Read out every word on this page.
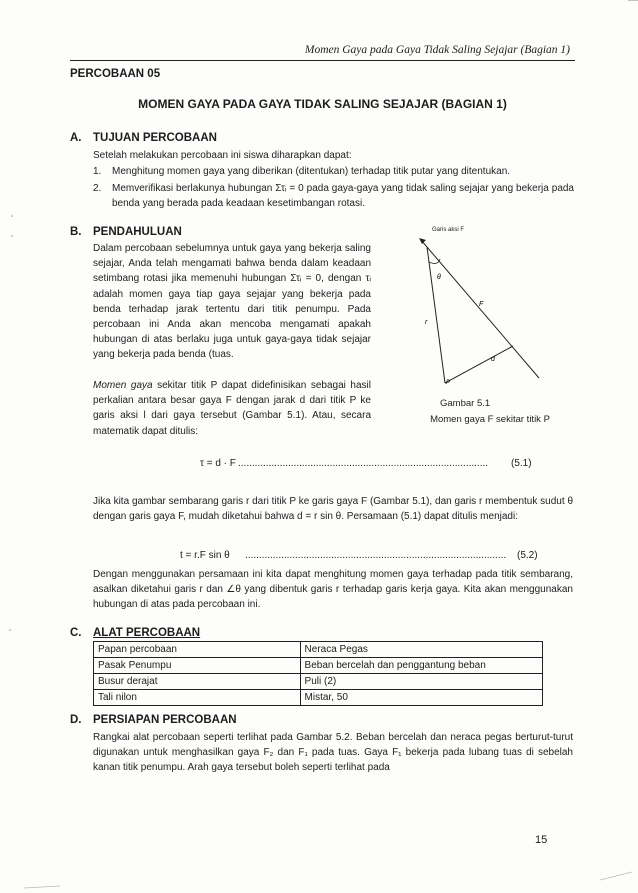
Momen Gaya pada Gaya Tidak Saling Sejajar (Bagian 1)
PERCOBAAN 05
MOMEN GAYA PADA GAYA TIDAK SALING SEJAJAR (BAGIAN 1)
A. TUJUAN PERCOBAAN
Setelah melakukan percobaan ini siswa diharapkan dapat:
1. Menghitung momen gaya yang diberikan (ditentukan) terhadap titik putar yang ditentukan.
2. Memverifikasi berlakunya hubungan Στᵢ = 0 pada gaya-gaya yang tidak saling sejajar yang bekerja pada benda yang berada pada keadaan kesetimbangan rotasi.
B. PENDAHULUAN
Dalam percobaan sebelumnya untuk gaya yang bekerja saling sejajar, Anda telah mengamati bahwa benda dalam keadaan setimbang rotasi jika memenuhi hubungan Στᵢ = 0, dengan τᵢ adalah momen gaya tiap gaya sejajar yang bekerja pada benda terhadap jarak tertentu dari titik penumpu. Pada percobaan ini Anda akan mencoba mengamati apakah hubungan di atas berlaku juga untuk gaya-gaya tidak sejajar yang bekerja pada benda (tuas.
Momen gaya sekitar titik P dapat didefinisikan sebagai hasil perkalian antara besar gaya F dengan jarak d dari titik P ke garis aksi l dari gaya tersebut (Gambar 5.1). Atau, secara matematik dapat ditulis:
θ
F
r
d
P
Garis aksi F
Gambar 5.1
Momen gaya F sekitar titik P
τ = d · F ..........................................................................................	(5.1)
Jika kita gambar sembarang garis r dari titik P ke garis gaya F (Gambar 5.1), dan garis r membentuk sudut θ dengan garis gaya F, mudah diketahui bahwa d = r sin θ. Persamaan (5.1) dapat ditulis menjadi:
t = r.F sin θ ..............................................................................................	(5.2)
Dengan menggunakan persamaan ini kita dapat menghitung momen gaya terhadap pada titik sembarang, asalkan diketahui garis r dan ∠θ yang dibentuk garis r terhadap garis kerja gaya. Kita akan menggunakan hubungan di atas pada percobaan ini.
C. ALAT PERCOBAAN
Papan percobaan	Neraca Pegas
Pasak Penumpu	Beban bercelah dan penggantung beban
Busur derajat	Puli (2)
Tali nilon	Mistar, 50
D. PERSIAPAN PERCOBAAN
Rangkai alat percobaan seperti terlihat pada Gambar 5.2. Beban bercelah dan neraca pegas berturut-turut digunakan untuk menghasilkan gaya F₂ dan F₁ pada tuas. Gaya F₁ bekerja pada lubang tuas di sebelah kanan titik penumpu. Arah gaya tersebut boleh seperti terlihat pada
15
